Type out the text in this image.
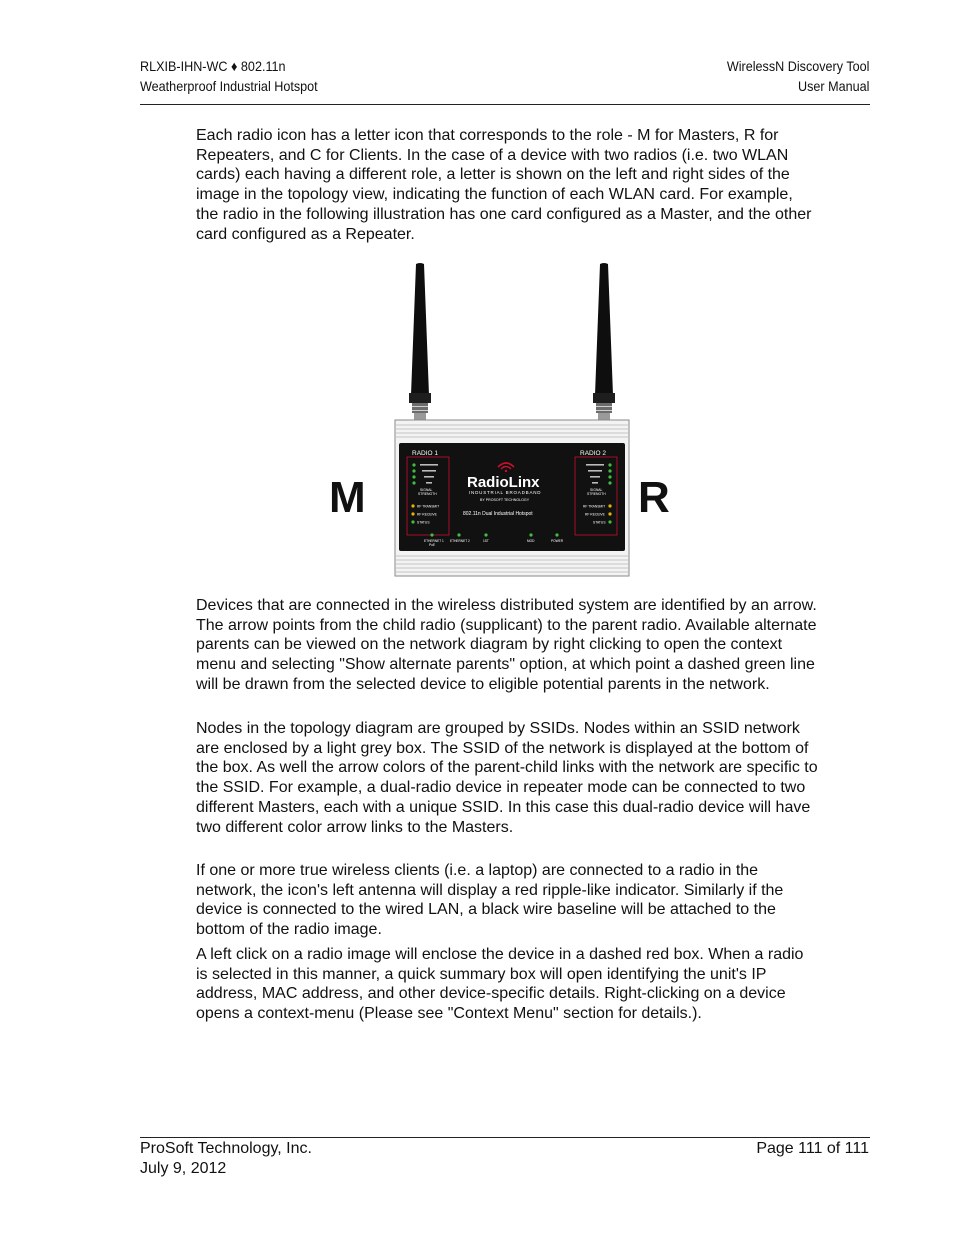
RLXIB-IHN-WC ♦ 802.11n
Weatherproof Industrial Hotspot
WirelessN Discovery Tool
User Manual

Each radio icon has a letter icon that corresponds to the role - M for Masters, R for Repeaters, and C for Clients. In the case of a device with two radios (i.e. two WLAN cards) each having a different role, a letter is shown on the left and right sides of the image in the topology view, indicating the function of each WLAN card. For example, the radio in the following illustration has one card configured as a Master, and the other card configured as a Repeater.

RADIO 1	RADIO 2
SIGNAL
STRENGTH
RF TRANSMIT
RF RECEIVE
STATUS
SIGNAL
STRENGTH
RF TRANSMIT
RF RECEIVE
STATUS
RadioLinx
INDUSTRIAL BROADBAND
BY PROSOFT TECHNOLOGY
802.11n Dual Industrial Hotspot
ETHERNET 1
PoE
ETHERNET 2	1ST	MOD	POWER
M	R

Devices that are connected in the wireless distributed system are identified by an arrow. The arrow points from the child radio (supplicant) to the parent radio. Available alternate parents can be viewed on the network diagram by right clicking to open the context menu and selecting "Show alternate parents" option, at which point a dashed green line will be drawn from the selected device to eligible potential parents in the network.

Nodes in the topology diagram are grouped by SSIDs. Nodes within an SSID network are enclosed by a light grey box. The SSID of the network is displayed at the bottom of the box. As well the arrow colors of the parent-child links with the network are specific to the SSID. For example, a dual-radio device in repeater mode can be connected to two different Masters, each with a unique SSID. In this case this dual-radio device will have two different color arrow links to the Masters.

If one or more true wireless clients (i.e. a laptop) are connected to a radio in the network, the icon's left antenna will display a red ripple-like indicator. Similarly if the device is connected to the wired LAN, a black wire baseline will be attached to the bottom of the radio image.

A left click on a radio image will enclose the device in a dashed red box. When a radio is selected in this manner, a quick summary box will open identifying the unit's IP address, MAC address, and other device-specific details. Right-clicking on a device opens a context-menu (Please see "Context Menu" section for details.).

ProSoft Technology, Inc.
July 9, 2012
Page 111 of 111
